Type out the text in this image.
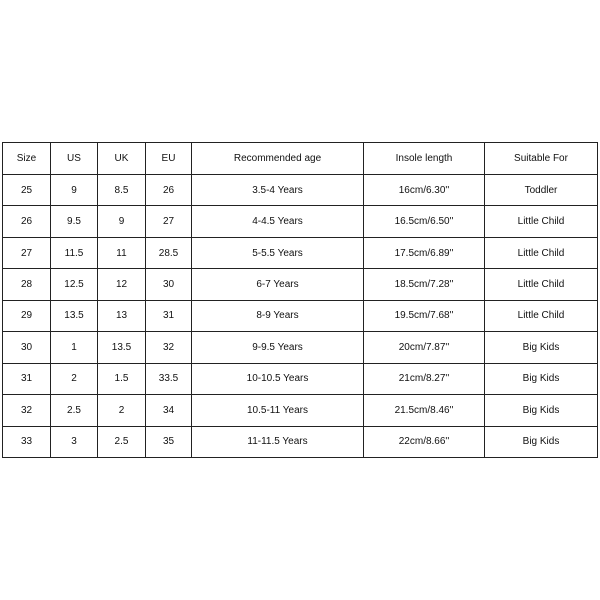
Size	US	UK	EU	Recommended age	Insole length	Suitable For
25	9	8.5	26	3.5-4 Years	16cm/6.30''	Toddler
26	9.5	9	27	4-4.5 Years	16.5cm/6.50''	Little Child
27	11.5	11	28.5	5-5.5 Years	17.5cm/6.89''	Little Child
28	12.5	12	30	6-7 Years	18.5cm/7.28''	Little Child
29	13.5	13	31	8-9 Years	19.5cm/7.68''	Little Child
30	1	13.5	32	9-9.5 Years	20cm/7.87''	Big Kids
31	2	1.5	33.5	10-10.5 Years	21cm/8.27''	Big Kids
32	2.5	2	34	10.5-11 Years	21.5cm/8.46''	Big Kids
33	3	2.5	35	11-11.5 Years	22cm/8.66''	Big Kids
